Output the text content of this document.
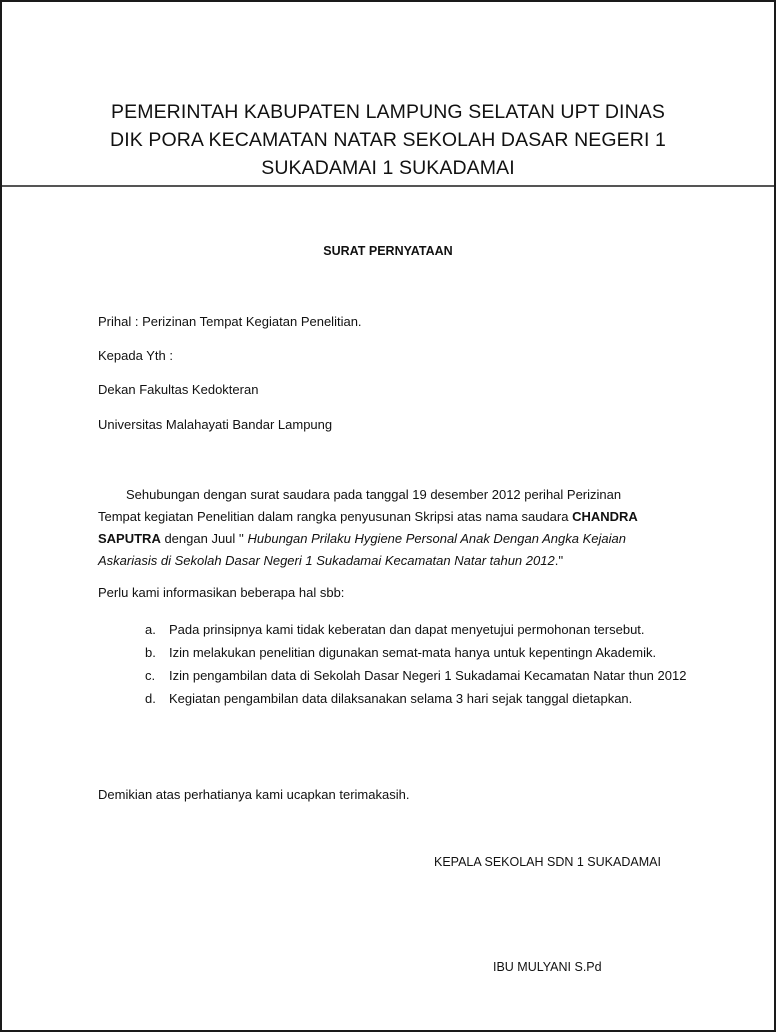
PEMERINTAH KABUPATEN LAMPUNG SELATAN UPT DINAS
DIK PORA KECAMATAN NATAR SEKOLAH DASAR NEGERI 1
SUKADAMAI 1 SUKADAMAI
SURAT PERNYATAAN
Prihal : Perizinan Tempat Kegiatan Penelitian.
Kepada Yth :
Dekan Fakultas Kedokteran
Universitas Malahayati Bandar Lampung
Sehubungan dengan surat saudara pada tanggal 19 desember 2012 perihal Perizinan
Tempat kegiatan Penelitian dalam rangka penyusunan Skripsi atas nama saudara CHANDRA
SAPUTRA dengan Juul '' Hubungan Prilaku Hygiene Personal Anak Dengan Angka Kejaian
Askariasis di Sekolah Dasar Negeri 1 Sukadamai Kecamatan Natar tahun 2012.''
Perlu kami informasikan beberapa hal sbb:
a.	Pada prinsipnya kami tidak keberatan dan dapat menyetujui permohonan tersebut.
b.	Izin melakukan penelitian digunakan semat-mata hanya untuk kepentingn Akademik.
c.	Izin pengambilan data di Sekolah Dasar Negeri 1 Sukadamai Kecamatan Natar thun 2012
d.	Kegiatan pengambilan data dilaksanakan selama 3 hari sejak tanggal dietapkan.
Demikian atas perhatianya kami ucapkan terimakasih.
KEPALA SEKOLAH SDN 1 SUKADAMAI
IBU MULYANI S.Pd
